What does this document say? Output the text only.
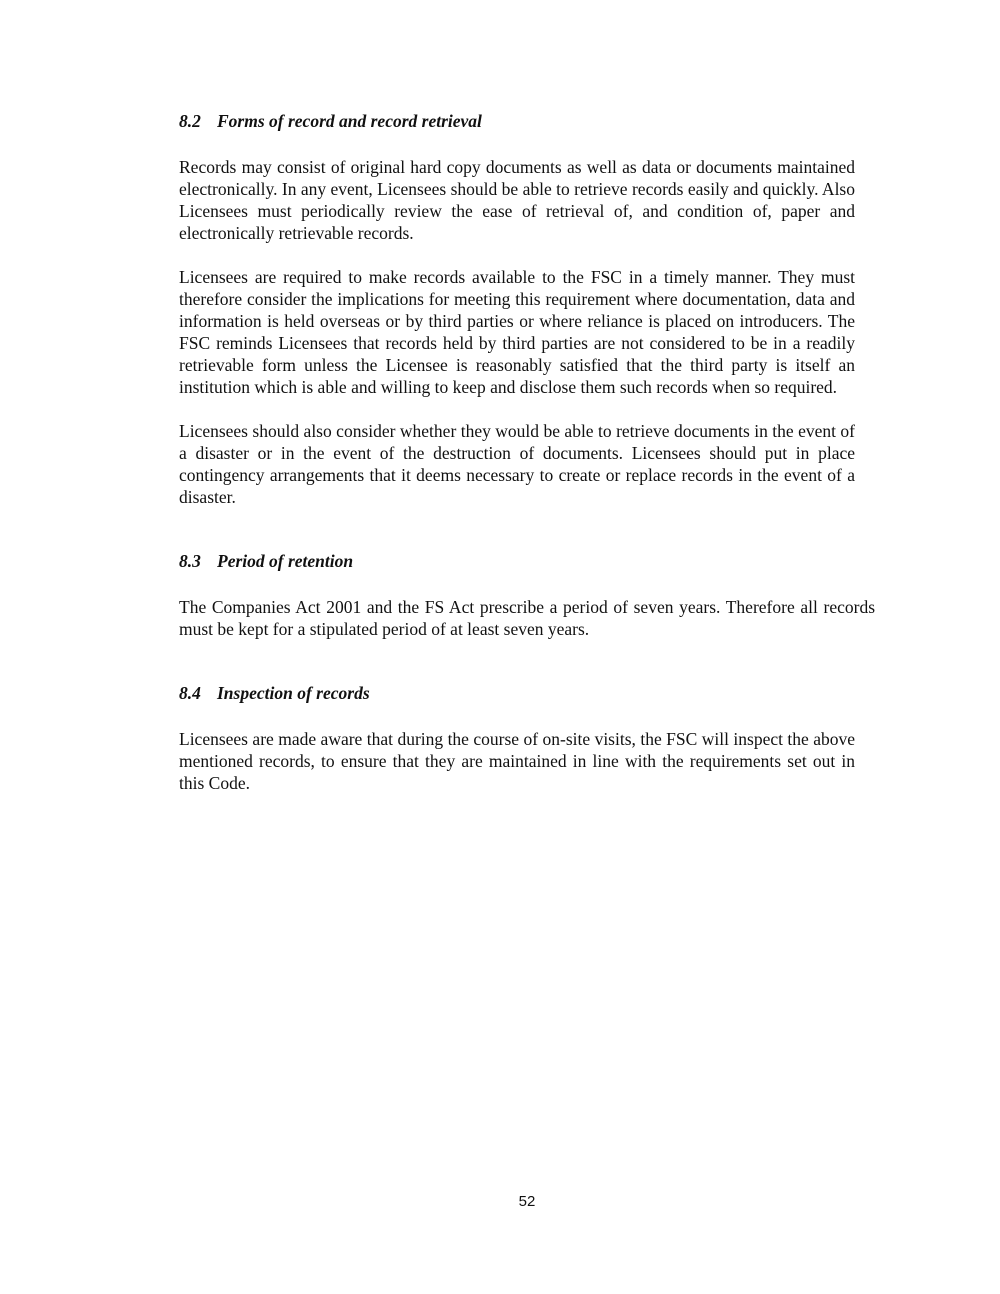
8.2 Forms of record and record retrieval

Records may consist of original hard copy documents as well as data or documents maintained electronically. In any event, Licensees should be able to retrieve records easily and quickly. Also Licensees must periodically review the ease of retrieval of, and condition of, paper and electronically retrievable records.

Licensees are required to make records available to the FSC in a timely manner. They must therefore consider the implications for meeting this requirement where documentation, data and information is held overseas or by third parties or where reliance is placed on introducers. The FSC reminds Licensees that records held by third parties are not considered to be in a readily retrievable form unless the Licensee is reasonably satisfied that the third party is itself an institution which is able and willing to keep and disclose them such records when so required.

Licensees should also consider whether they would be able to retrieve documents in the event of a disaster or in the event of the destruction of documents. Licensees should put in place contingency arrangements that it deems necessary to create or replace records in the event of a disaster.

8.3 Period of retention

The Companies Act 2001 and the FS Act prescribe a period of seven years. Therefore all records must be kept for a stipulated period of at least seven years.

8.4 Inspection of records

Licensees are made aware that during the course of on-site visits, the FSC will inspect the above mentioned records, to ensure that they are maintained in line with the requirements set out in this Code.

52
